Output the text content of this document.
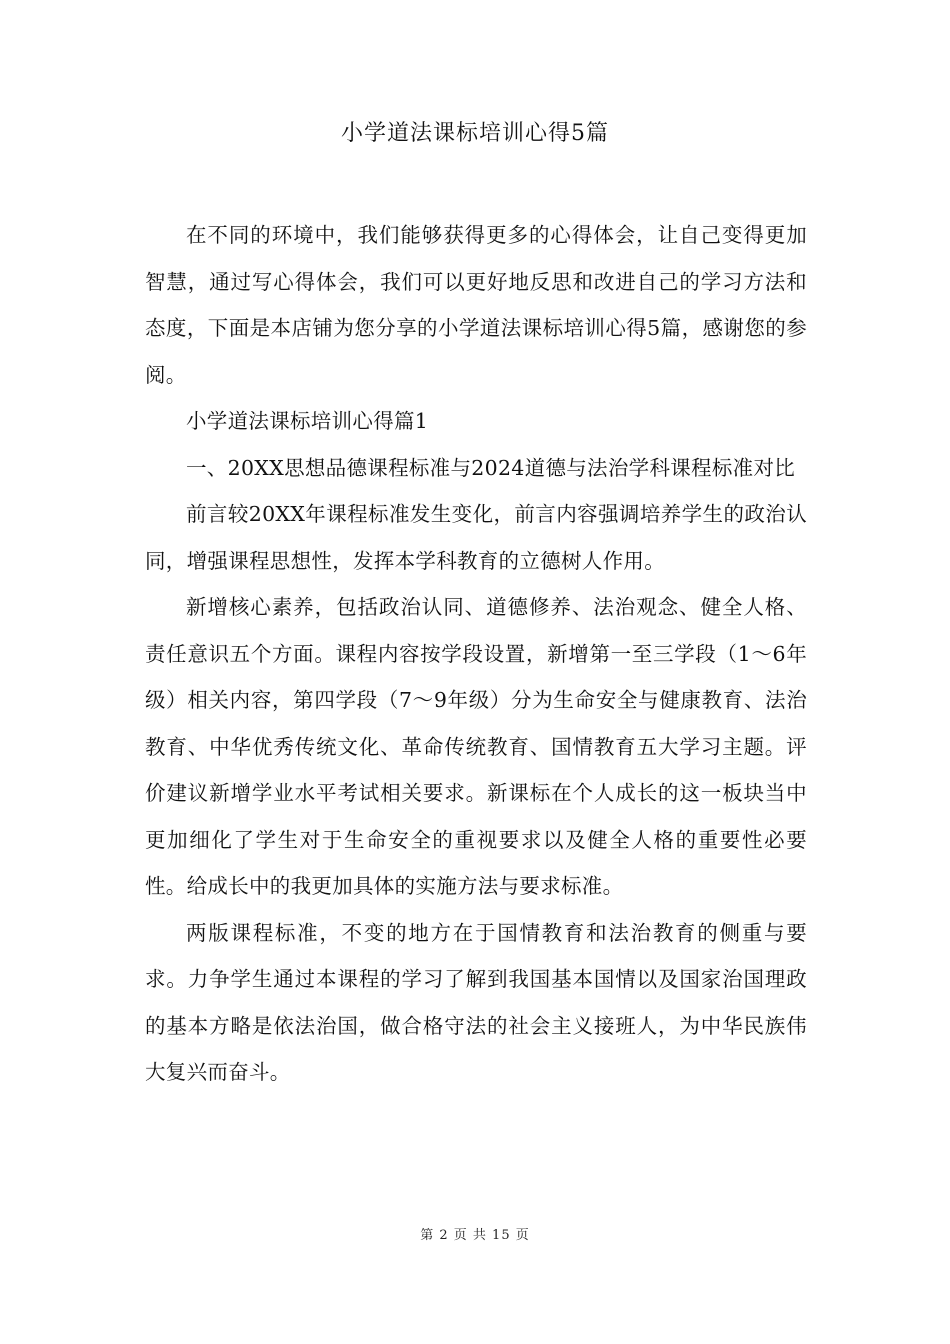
小学道法课标培训心得5篇

在不同的环境中，我们能够获得更多的心得体会，让自己变得更加智慧，通过写心得体会，我们可以更好地反思和改进自己的学习方法和态度，下面是本店铺为您分享的小学道法课标培训心得5篇，感谢您的参阅。

小学道法课标培训心得篇1

一、20XX思想品德课程标准与2024道德与法治学科课程标准对比

前言较20XX年课程标准发生变化，前言内容强调培养学生的政治认同，增强课程思想性，发挥本学科教育的立德树人作用。

新增核心素养，包括政治认同、道德修养、法治观念、健全人格、责任意识五个方面。课程内容按学段设置，新增第一至三学段（1～6年级）相关内容，第四学段（7～9年级）分为生命安全与健康教育、法治教育、中华优秀传统文化、革命传统教育、国情教育五大学习主题。评价建议新增学业水平考试相关要求。新课标在个人成长的这一板块当中更加细化了学生对于生命安全的重视要求以及健全人格的重要性必要性。给成长中的我更加具体的实施方法与要求标准。

两版课程标准，不变的地方在于国情教育和法治教育的侧重与要求。力争学生通过本课程的学习了解到我国基本国情以及国家治国理政的基本方略是依法治国，做合格守法的社会主义接班人，为中华民族伟大复兴而奋斗。

第 2 页 共 15 页
